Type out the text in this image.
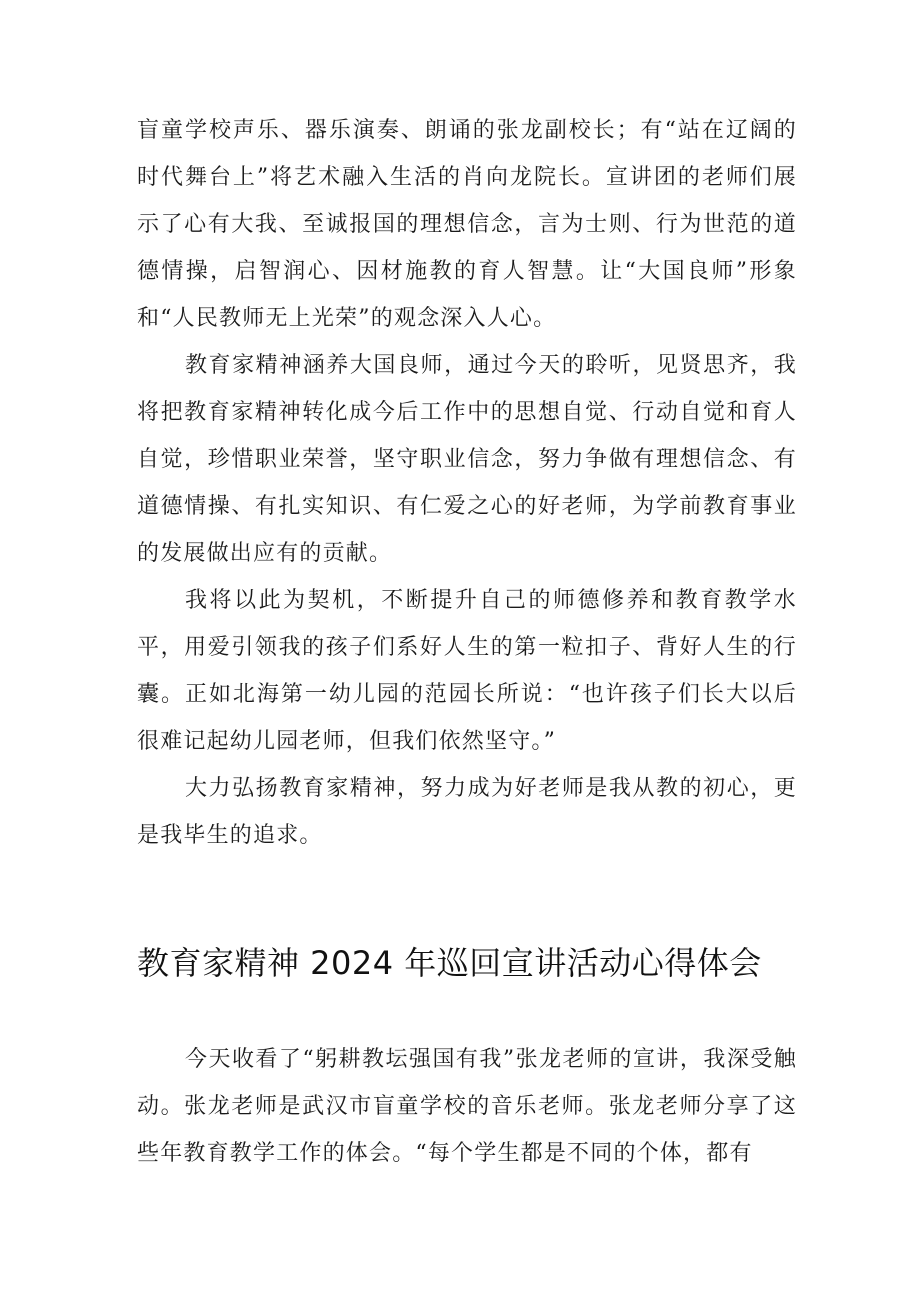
盲童学校声乐、器乐演奏、朗诵的张龙副校长；有“站在辽阔的时代舞台上”将艺术融入生活的肖向龙院长。宣讲团的老师们展示了心有大我、至诚报国的理想信念，言为士则、行为世范的道德情操，启智润心、因材施教的育人智慧。让“大国良师”形象和“人民教师无上光荣”的观念深入人心。

教育家精神涵养大国良师，通过今天的聆听，见贤思齐，我将把教育家精神转化成今后工作中的思想自觉、行动自觉和育人自觉，珍惜职业荣誉，坚守职业信念，努力争做有理想信念、有道德情操、有扎实知识、有仁爱之心的好老师，为学前教育事业的发展做出应有的贡献。

我将以此为契机，不断提升自己的师德修养和教育教学水平，用爱引领我的孩子们系好人生的第一粒扣子、背好人生的行囊。正如北海第一幼儿园的范园长所说：“也许孩子们长大以后很难记起幼儿园老师，但我们依然坚守。”

大力弘扬教育家精神，努力成为好老师是我从教的初心，更是我毕生的追求。

教育家精神 2024 年巡回宣讲活动心得体会

今天收看了“躬耕教坛强国有我”张龙老师的宣讲，我深受触动。张龙老师是武汉市盲童学校的音乐老师。张龙老师分享了这些年教育教学工作的体会。“每个学生都是不同的个体，都有
